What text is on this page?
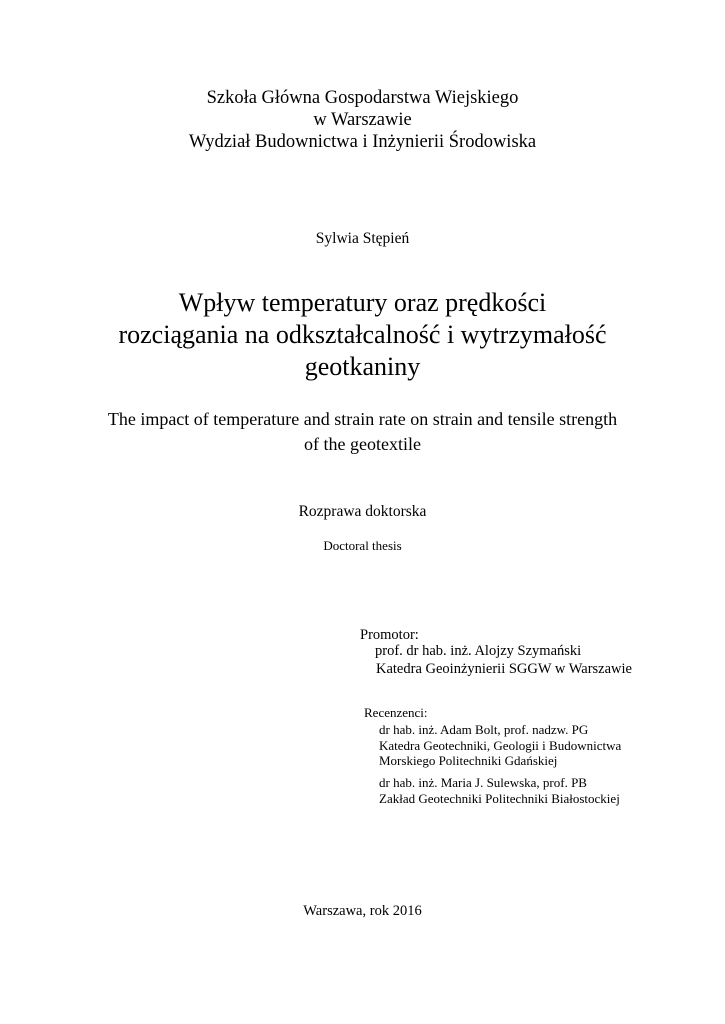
Szkoła Główna Gospodarstwa Wiejskiego
w Warszawie
Wydział Budownictwa i Inżynierii Środowiska
Sylwia Stępień
Wpływ temperatury oraz prędkości
rozciągania na odkształcalność i wytrzymałość
geotkaniny
The impact of temperature and strain rate on strain and tensile strength
of the geotextile
Rozprawa doktorska
Doctoral thesis
Promotor:
prof. dr hab. inż. Alojzy Szymański
Katedra Geoinżynierii SGGW w Warszawie
Recenzenci:
dr hab. inż. Adam Bolt, prof. nadzw. PG
Katedra Geotechniki, Geologii i Budownictwa
Morskiego Politechniki Gdańskiej
dr hab. inż. Maria J. Sulewska, prof. PB
Zakład Geotechniki Politechniki Białostockiej
Warszawa, rok 2016
